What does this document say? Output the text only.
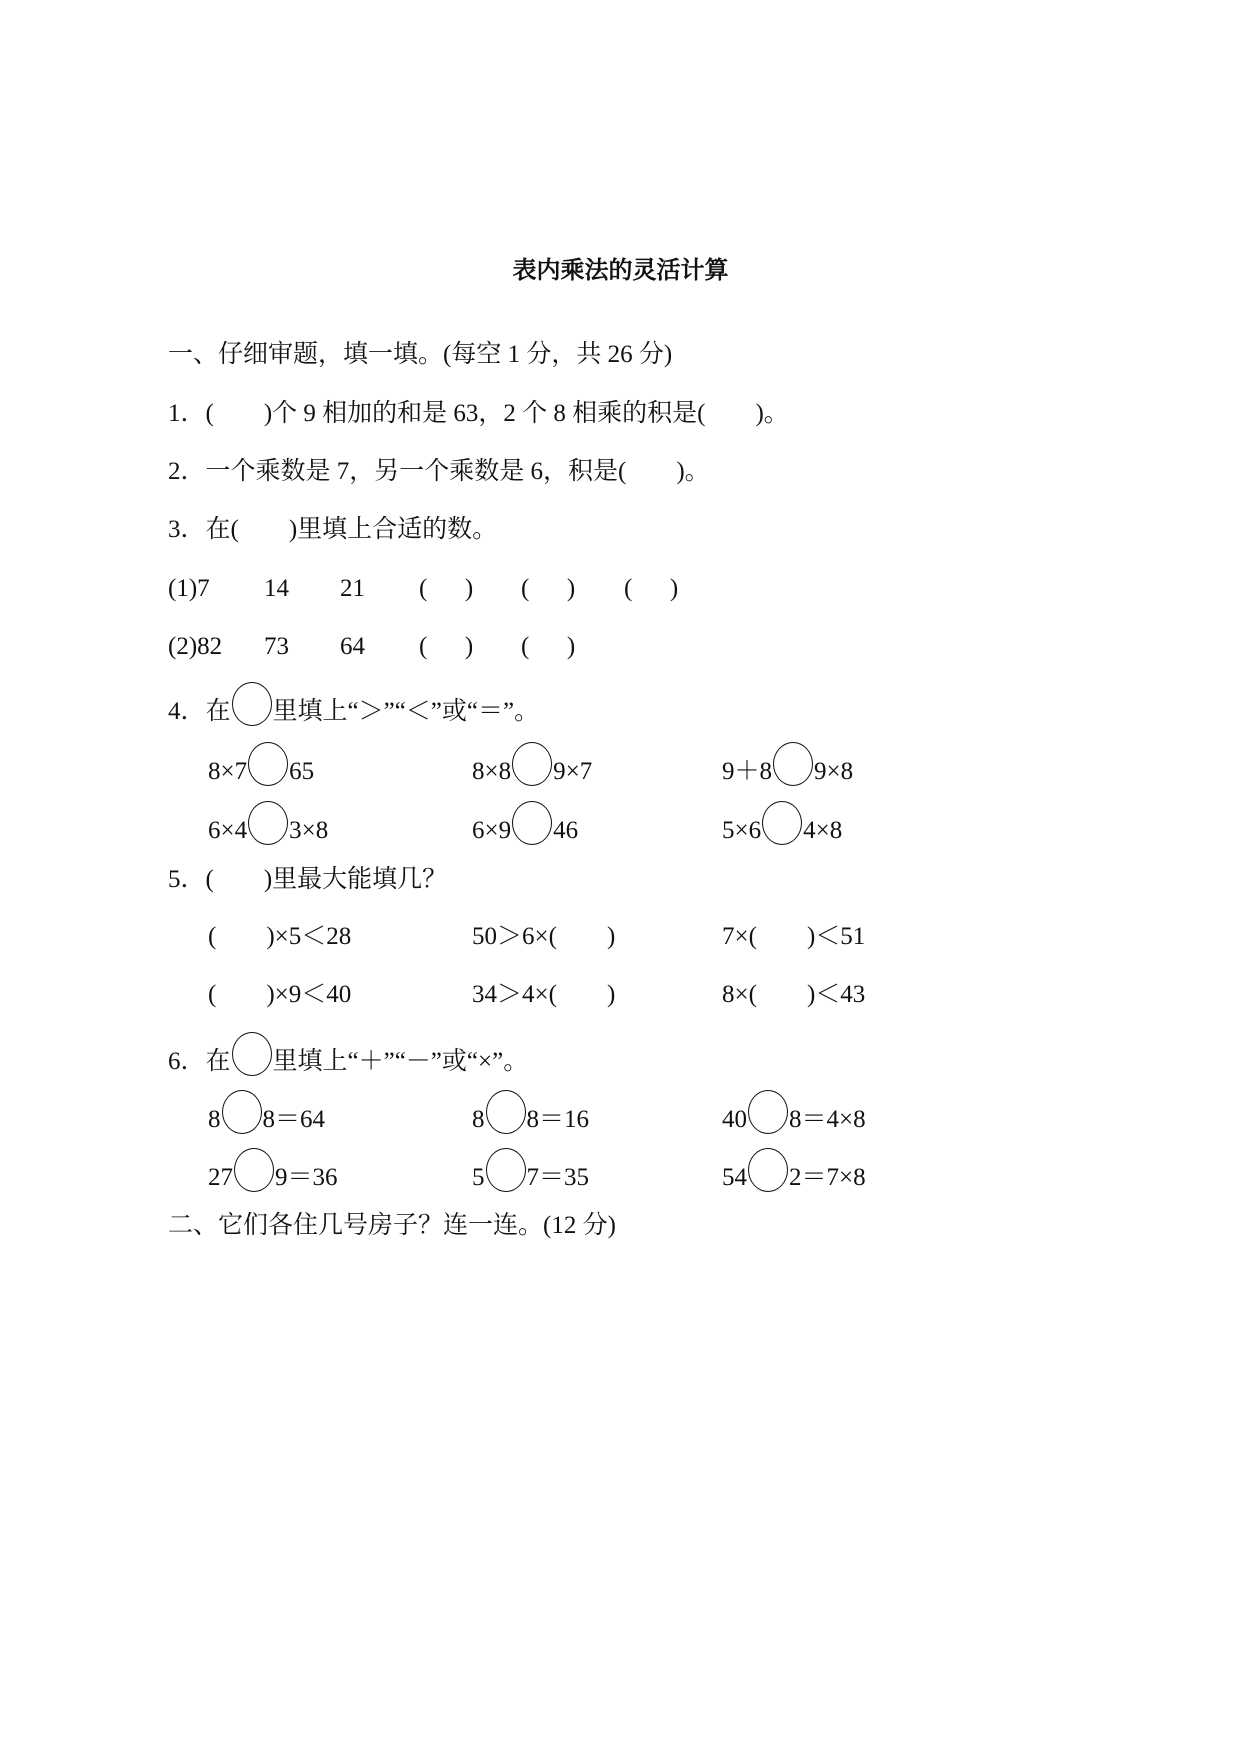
表内乘法的灵活计算
一、仔细审题，填一填。(每空 1 分，共 26 分)
1．( )个 9 相加的和是 63，2 个 8 相乘的积是( )。
2．一个乘数是 7，另一个乘数是 6，积是( )。
3．在( )里填上合适的数。

(1)7	14	21	(      )	(      )	(      )

(2)82	73	64	(      )	(      )

4．在 里填上“＞”“＜”或“＝”。
8×7 65	8×8 9×7	9＋8 9×8
6×4 3×8	6×9 46	5×6 4×8
5．( )里最大能填几？
( )×5＜28	50＞6×( )	7×( )＜51
( )×9＜40	34＞4×( )	8×( )＜43
6．在 里填上“＋”“－”或“×”。
8 8＝64	8 8＝16	40 8＝4×8
27 9＝36	5 7＝35	54 2＝7×8
二、它们各住几号房子？连一连。(12 分)
